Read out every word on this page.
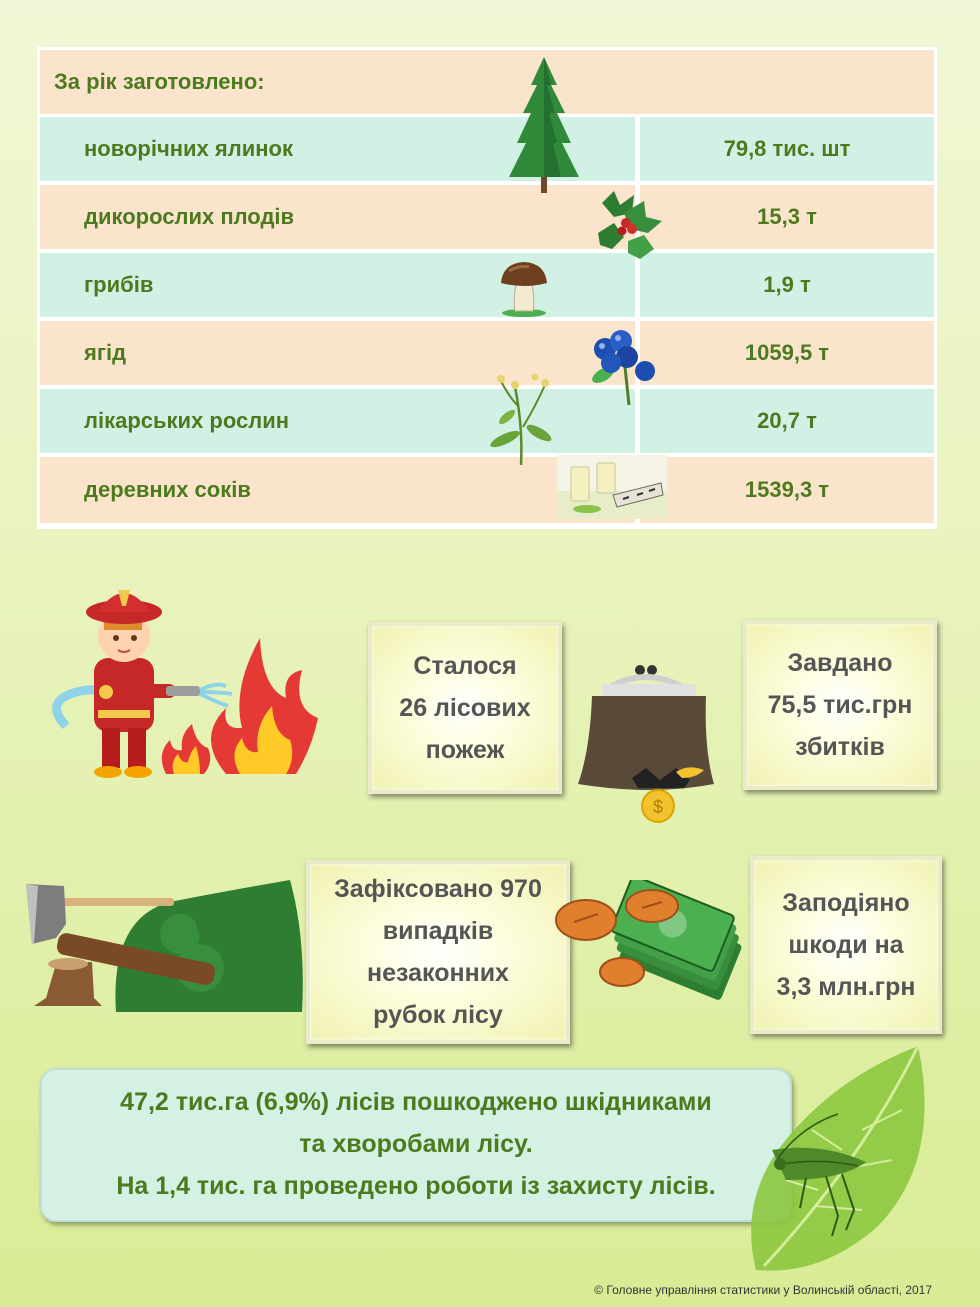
За рік заготовлено:
новорічних ялинок	79,8 тис. шт
дикорослих плодів	15,3 т
грибів	1,9 т
ягід	1059,5 т
лікарських рослин	20,7 т
деревних соків	1539,3 т
Сталося
26 лісових
пожеж
$
Завдано
75,5 тис.грн
збитків
Зафіксовано 970
випадків
незаконних
рубок лісу
Заподіяно
шкоди на
3,3 млн.грн
47,2 тис.га (6,9%) лісів пошкоджено шкідниками
та хворобами лісу.
На 1,4 тис. га проведено роботи із захисту лісів.
© Головне управління статистики у Волинській області, 2017
